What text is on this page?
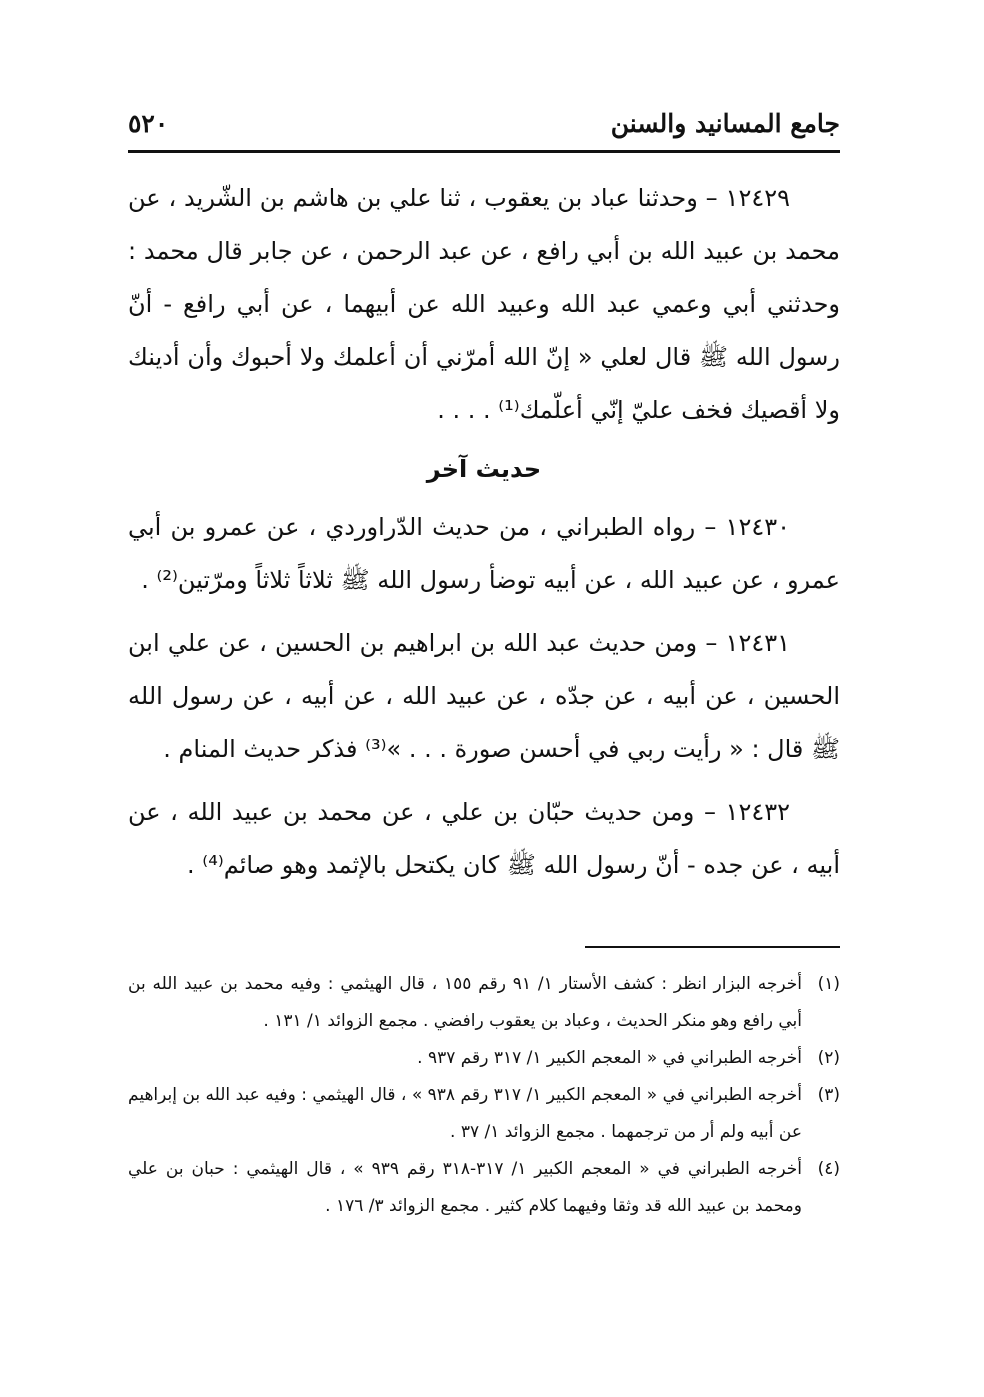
جامع المسانيد والسنن
٥٢٠

١٢٤٢٩ – وحدثنا عباد بن يعقوب ، ثنا علي بن هاشم بن الشّريد ، عن محمد بن عبيد الله بن أبي رافع ، عن عبد الرحمن ، عن جابر قال محمد : وحدثني أبي وعمي عبد الله وعبيد الله عن أبيهما ، عن أبي رافع - أنّ رسول الله ﷺ قال لعلي « إنّ الله أمرّني أن أعلمك ولا أحبوك وأن أدينك ولا أقصيك فخف عليّ إنّي أعلّمك⁽¹⁾ . . . .

حديث آخر

١٢٤٣٠ – رواه الطبراني ، من حديث الدّراوردي ، عن عمرو بن أبي عمرو ، عن عبيد الله ، عن أبيه توضأ رسول الله ﷺ ثلاثاً ثلاثاً ومرّتين⁽²⁾ .

١٢٤٣١ – ومن حديث عبد الله بن ابراهيم بن الحسين ، عن علي ابن الحسين ، عن أبيه ، عن جدّه ، عن عبيد الله ، عن أبيه ، عن رسول الله ﷺ قال : « رأيت ربي في أحسن صورة . . . »⁽³⁾ فذكر حديث المنام .

١٢٤٣٢ – ومن حديث حبّان بن علي ، عن محمد بن عبيد الله ، عن أبيه ، عن جده - أنّ رسول الله ﷺ كان يكتحل بالإثمد وهو صائم⁽⁴⁾ .

(١)أخرجه البزار انظر : كشف الأستار ١/ ٩١ رقم ١٥٥ ، قال الهيثمي : وفيه محمد بن عبيد الله بن أبي رافع وهو منكر الحديث ، وعباد بن يعقوب رافضي . مجمع الزوائد ١/ ١٣١ .

(٢)أخرجه الطبراني في « المعجم الكبير ١/ ٣١٧ رقم ٩٣٧ .

(٣)أخرجه الطبراني في « المعجم الكبير ١/ ٣١٧ رقم ٩٣٨ » ، قال الهيثمي : وفيه عبد الله بن إبراهيم عن أبيه ولم أر من ترجمهما . مجمع الزوائد ١/ ٣٧ .

(٤)أخرجه الطبراني في « المعجم الكبير ١/ ٣١٧-٣١٨ رقم ٩٣٩ » ، قال الهيثمي : حبان بن علي ومحمد بن عبيد الله قد وثقا وفيهما كلام كثير . مجمع الزوائد ٣/ ١٧٦ .
